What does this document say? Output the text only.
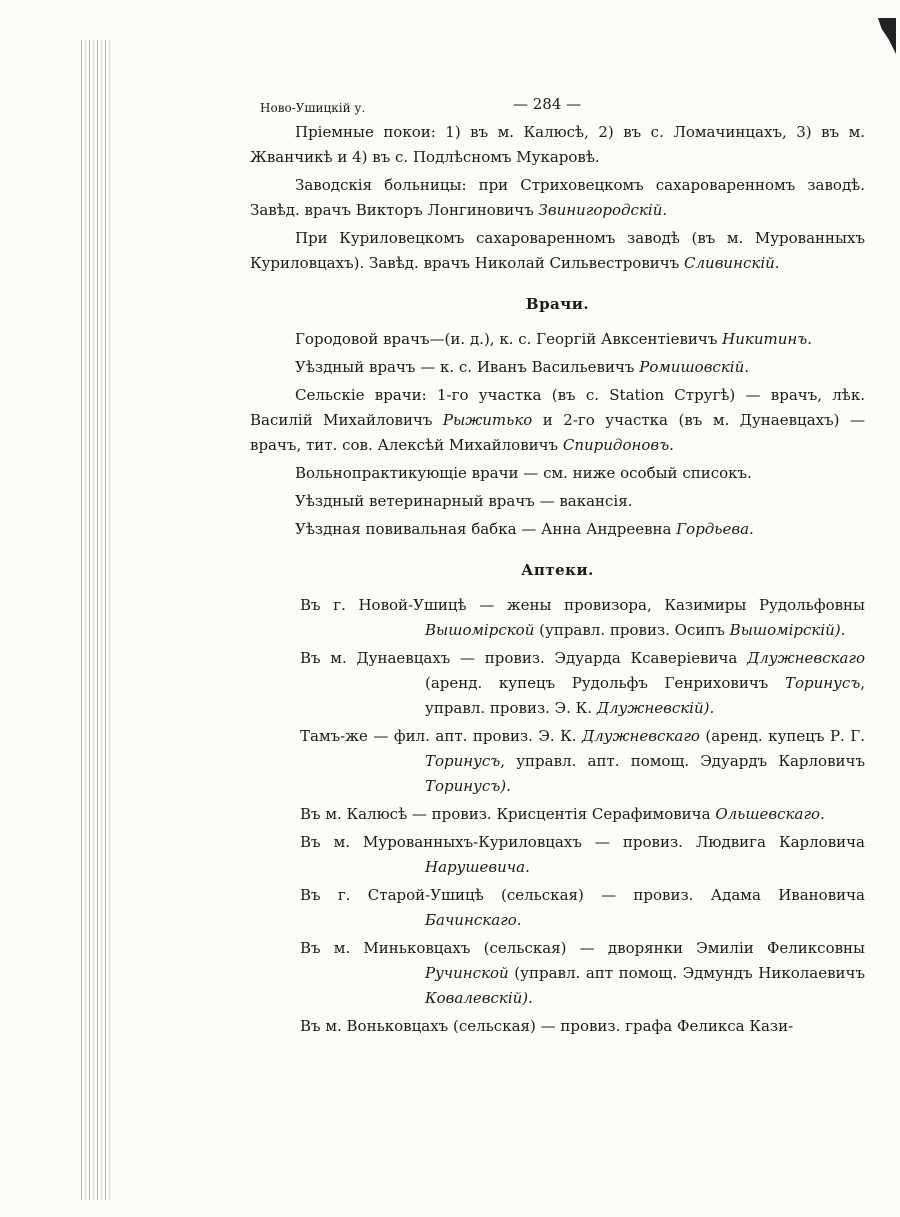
Ново-Ушицкій у.	— 284 —

Пріемные покои: 1) въ м. Калюсѣ, 2) въ с. Ломачинцахъ, 3) въ м. Жванчикѣ и 4) въ с. Подлѣсномъ Мукаровѣ.

Заводскія больницы: при Стриховецкомъ сахароваренномъ заводѣ. Завѣд. врачъ Викторъ Лонгиновичъ Звинигородскій.

При Куриловецкомъ сахароваренномъ заводѣ (въ м. Мурованныхъ Куриловцахъ). Завѣд. врачъ Николай Сильвестровичъ Сливинскій.

Врачи.

Городовой врачъ—(и. д.), к. с. Георгій Авксентіевичъ Никитинъ.

Уѣздный врачъ — к. с. Иванъ Васильевичъ Ромишовскій.

Сельскіе врачи: 1-го участка (въ с. Station Стругѣ) — врачъ, лѣк. Василій Михайловичъ Рыжитько и 2-го участка (въ м. Дунаевцахъ) — врачъ, тит. сов. Алексѣй Михайловичъ Спиридоновъ.

Вольнопрактикующіе врачи — см. ниже особый списокъ.

Уѣздный ветеринарный врачъ — вакансія.

Уѣздная повивальная бабка — Анна Андреевна Гордьева.

Аптеки.

Въ г. Новой-Ушицѣ — жены провизора, Казимиры Рудольфовны Вышомірской (управл. провиз. Осипъ Вышомірскій).

Въ м. Дунаевцахъ — провиз. Эдуарда Ксаверіевича Длужневскаго (аренд. купецъ Рудольфъ Генриховичъ Торинусъ, управл. провиз. Э. К. Длужневскій).

Тамъ-же — фил. апт. провиз. Э. К. Длужневскаго (аренд. купецъ Р. Г. Торинусъ, управл. апт. помощ. Эдуардъ Карловичъ Торинусъ).

Въ м. Калюсѣ — провиз. Крисцентія Серафимовича Ольшевскаго.

Въ м. Мурованныхъ-Куриловцахъ — провиз. Людвига Карловича Нарушевича.

Въ г. Старой-Ушицѣ (сельская) — провиз. Адама Ивановича Бачинскаго.

Въ м. Миньковцахъ (сельская) — дворянки Эмиліи Феликсовны Ручинской (управл. апт помощ. Эдмундъ Николаевичъ Ковалевскій).

Въ м. Воньковцахъ (сельская) — провиз. графа Феликса Кази-
